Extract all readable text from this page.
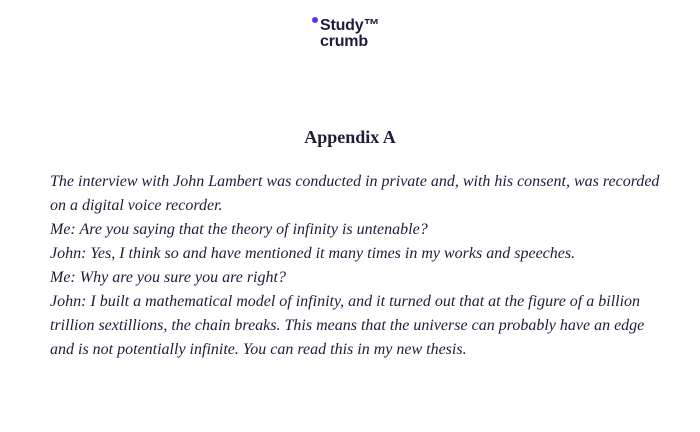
Study™
crumb
Appendix A

The interview with John Lambert was conducted in private and, with his consent, was recorded on a digital voice recorder.

Me: Are you saying that the theory of infinity is untenable?

John: Yes, I think so and have mentioned it many times in my works and speeches.

Me: Why are you sure you are right?

John: I built a mathematical model of infinity, and it turned out that at the figure of a billion trillion sextillions, the chain breaks. This means that the universe can probably have an edge and is not potentially infinite. You can read this in my new thesis.
